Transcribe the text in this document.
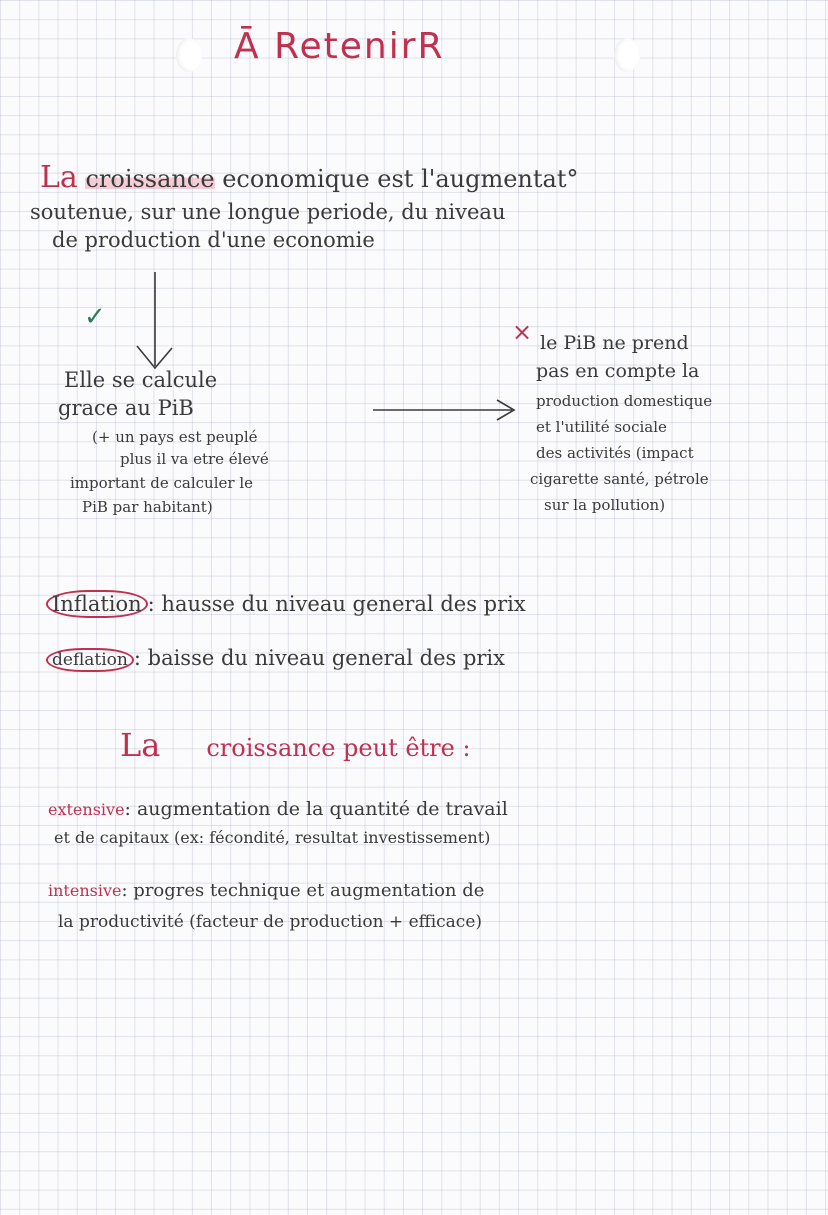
Ā RetenirR
La croissance economique est l'augmentat°
soutenue, sur une longue periode, du niveau
de production d'une economie
✓	×
Elle se calcule
grace au PiB
(+ un pays est peuplé
plus il va etre élevé
important de calculer le
PiB par habitant)
le PiB ne prend
pas en compte la
production domestique
et l'utilité sociale
des activités (impact
cigarette santé, pétrole
sur la pollution)
Inflation : hausse du niveau general des prix
deflation : baisse du niveau general des prix
La croissance peut être :
extensive: augmentation de la quantité de travail
et de capitaux (ex: fécondité, resultat investissement)
intensive: progres technique et augmentation de
la productivité (facteur de production + efficace)
